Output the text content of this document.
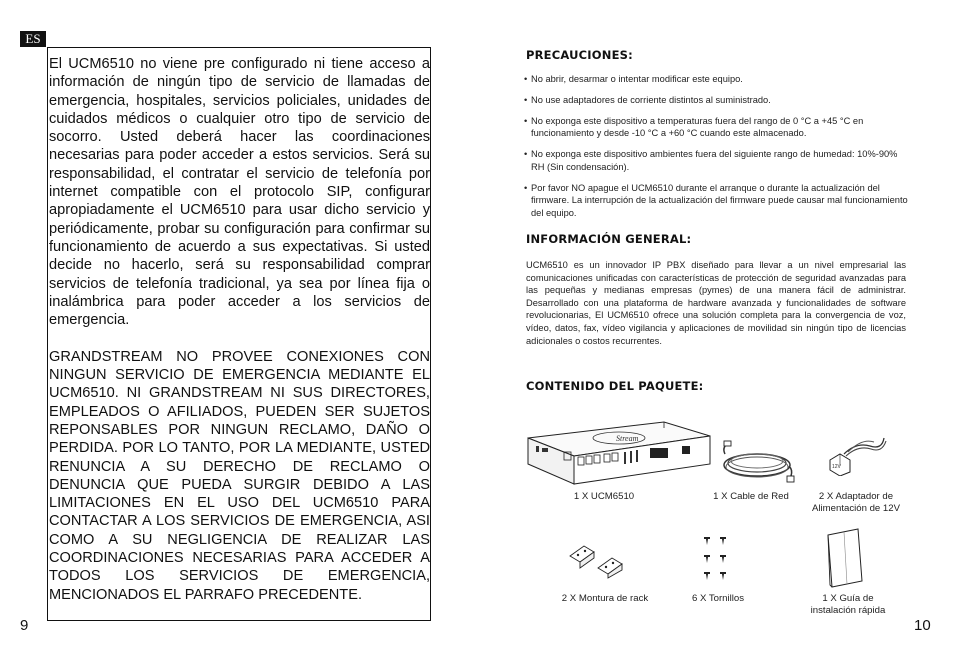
ES

El UCM6510 no viene pre configurado ni tiene acceso a información de ningún tipo de servicio de llamadas de emergencia, hospitales, servicios policiales, unidades de cuidados médicos o cualquier otro tipo de servicio de socorro. Usted deberá hacer las coordinaciones necesarias para poder acceder a estos servicios. Será su responsabilidad, el contratar el servicio de telefonía por internet compatible con el protocolo SIP, configurar apropiadamente el UCM6510 para usar dicho servicio y periódicamente, probar su configuración para confirmar su funcionamiento de acuerdo a sus expectativas. Si usted decide no hacerlo, será su responsabilidad comprar servicios de telefonía tradicional, ya sea por línea fija o inalámbrica para poder acceder a los servicios de emergencia.

GRANDSTREAM NO PROVEE CONEXIONES CON NINGUN SERVICIO DE EMERGENCIA MEDIANTE EL UCM6510. NI GRANDSTREAM NI SUS DIRECTORES, EMPLEADOS O AFILIADOS, PUEDEN SER SUJETOS REPONSABLES POR NINGUN RECLAMO, DAÑO O PERDIDA. POR LO TANTO, POR LA MEDIANTE, USTED RENUNCIA A SU DERECHO DE RECLAMO O DENUNCIA QUE PUEDA SURGIR DEBIDO A LAS LIMITACIONES EN EL USO DEL UCM6510 PARA CONTACTAR A LOS SERVICIOS DE EMERGENCIA, ASI COMO A SU NEGLIGENCIA DE REALIZAR LAS COORDINACIONES NECESARIAS PARA ACCEDER A TODOS LOS SERVICIOS DE EMERGENCIA, MENCIONADOS EL PARRAFO PRECEDENTE.

9
PRECAUCIONES:
• No abrir, desarmar o intentar modificar este equipo.
• No use adaptadores de corriente distintos al suministrado.
• No exponga este dispositivo a temperaturas fuera del rango de 0 °C a +45 °C en funcionamiento y desde -10 °C a +60 °C cuando este almacenado.
• No exponga este dispositivo ambientes fuera del siguiente rango de humedad: 10%-90% RH (Sin condensación).
• Por favor NO apague el UCM6510 durante el arranque o durante la actualización del firmware. La interrupción de la actualización del firmware puede causar mal funcionamiento del equipo.
INFORMACIÓN GENERAL:

UCM6510 es un innovador IP PBX diseñado para llevar a un nivel empresarial las comunicaciones unificadas con características de protección de seguridad avanzadas para las pequeñas y medianas empresas (pymes) de una manera fácil de administrar. Desarrollado con una plataforma de hardware avanzada y funcionalidades de software revolucionarias, El UCM6510 ofrece una solución completa para la convergencia de voz, vídeo, datos, fax, vídeo vigilancia y aplicaciones de movilidad sin ningún tipo de licencias adicionales o costos recurrentes.

CONTENIDO DEL PAQUETE:
Stream
12V
1 X UCM6510	1 X Cable de Red	2 X Adaptador de
Alimentación de 12V
2 X Montura de rack	6 X Tornillos	1 X Guía de
instalación rápida
10
